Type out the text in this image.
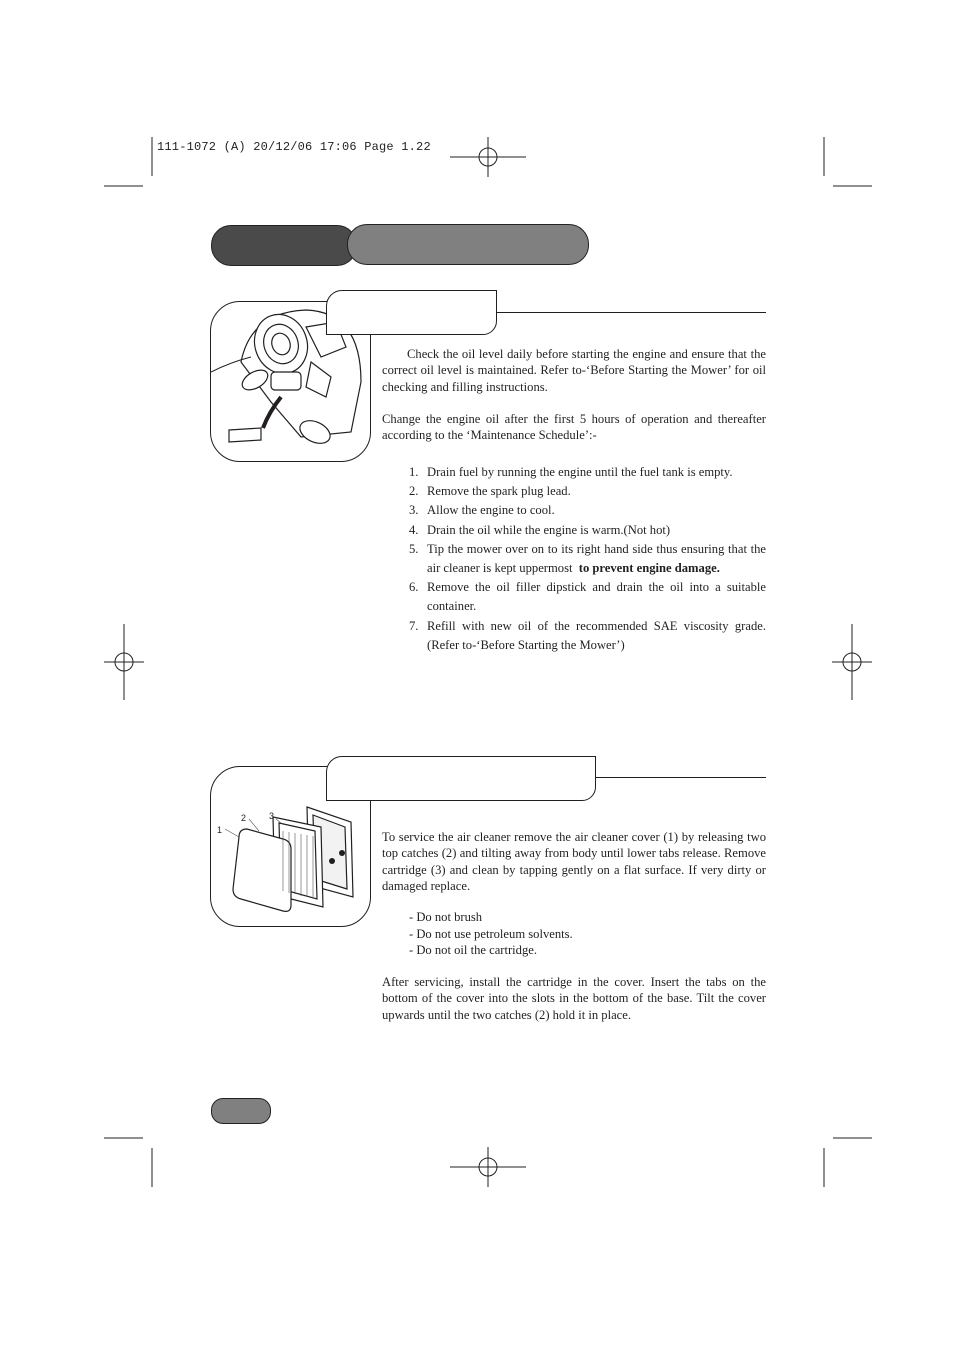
111-1072 (A) 20/12/06 17:06 Page 1.22
Check the oil level daily before starting the engine and ensure that the correct oil level is maintained. Refer to-‘Before Starting the Mower’ for oil checking and filling instructions.
Change the engine oil after the first 5 hours of operation and thereafter according to the ‘Maintenance Schedule’:-
1. Drain fuel by running the engine until the fuel tank is empty.
2. Remove the spark plug lead.
3. Allow the engine to cool.
4. Drain the oil while the engine is warm.(Not hot)
5. Tip the mower over on to its right hand side thus ensuring that the air cleaner is kept uppermost to prevent engine damage.
6. Remove the oil filler dipstick and drain the oil into a suitable container.
7. Refill with new oil of the recommended SAE viscosity grade. (Refer to-‘Before Starting the Mower’)
1
2	3
To service the air cleaner remove the air cleaner cover (1) by releasing two top catches (2) and tilting away from body until lower tabs release. Remove cartridge (3) and clean by tapping gently on a flat surface. If very dirty or damaged replace.
- Do not brush
- Do not use petroleum solvents.
- Do not oil the cartridge.
After servicing, install the cartridge in the cover. Insert the tabs on the bottom of the cover into the slots in the bottom of the base. Tilt the cover upwards until the two catches (2) hold it in place.
